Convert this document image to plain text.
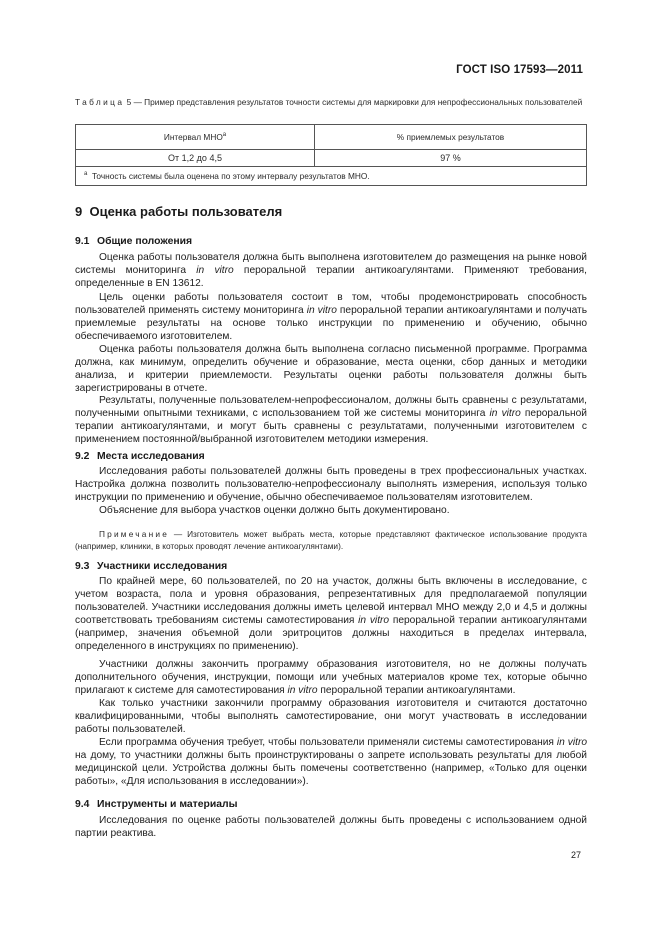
ГОСТ ISO 17593—2011
Таблица 5 — Пример представления результатов точности системы для маркировки для непрофессиональных пользователей
Интервал $МНО^а$	% приемлемых результатов
От 1,2 до 4,5	97 %
$^а$ Точность системы была оценена по этому интервалу результатов МНО.	
9 Оценка работы пользователя
9.1 Общие положения
Оценка работы пользователя должна быть выполнена изготовителем до размещения на рынке новой системы мониторинга in vitro пероральной терапии антикоагулянтами. Применяют требования, определенные в EN 13612.
Цель оценки работы пользователя состоит в том, чтобы продемонстрировать способность пользователей применять систему мониторинга in vitro пероральной терапии антикоагулянтами и получать приемлемые результаты на основе только инструкции по применению и обучению, обычно обеспечиваемого изготовителем.
Оценка работы пользователя должна быть выполнена согласно письменной программе. Программа должна, как минимум, определить обучение и образование, места оценки, сбор данных и методики анализа, и критерии приемлемости. Результаты оценки работы пользователя должны быть зарегистрированы в отчете.
Результаты, полученные пользователем-непрофессионалом, должны быть сравнены с результатами, полученными опытными техниками, с использованием той же системы мониторинга in vitro пероральной терапии антикоагулянтами, и могут быть сравнены с результатами, полученными изготовителем с применением постоянной/выбранной изготовителем методики измерения.
9.2 Места исследования
Исследования работы пользователей должны быть проведены в трех профессиональных участках. Настройка должна позволить пользователю-непрофессионалу выполнять измерения, используя только инструкции по применению и обучение, обычно обеспечиваемое пользователям изготовителем.
Объяснение для выбора участков оценки должно быть документировано.
Примечание — Изготовитель может выбрать места, которые представляют фактическое использование продукта (например, клиники, в которых проводят лечение антикоагулянтами).
9.3 Участники исследования
По крайней мере, 60 пользователей, по 20 на участок, должны быть включены в исследование, с учетом возраста, пола и уровня образования, репрезентативных для предполагаемой популяции пользователей. Участники исследования должны иметь целевой интервал МНО между 2,0 и 4,5 и должны соответствовать требованиям системы самотестирования in vitro пероральной терапии антикоагулянтами (например, значения объемной доли эритроцитов должны находиться в пределах интервала, определенного в инструкциях по применению).
Участники должны закончить программу образования изготовителя, но не должны получать дополнительного обучения, инструкции, помощи или учебных материалов кроме тех, которые обычно прилагают к системе для самотестирования in vitro пероральной терапии антикоагулянтами.
Как только участники закончили программу образования изготовителя и считаются достаточно квалифицированными, чтобы выполнять самотестирование, они могут участвовать в исследовании работы пользователей.
Если программа обучения требует, чтобы пользователи применяли системы самотестирования in vitro на дому, то участники должны быть проинструктированы о запрете использовать результаты для любой медицинской цели. Устройства должны быть помечены соответственно (например, «Только для оценки работы», «Для использования в исследовании»).
9.4 Инструменты и материалы
Исследования по оценке работы пользователей должны быть проведены с использованием одной партии реактива.
27
